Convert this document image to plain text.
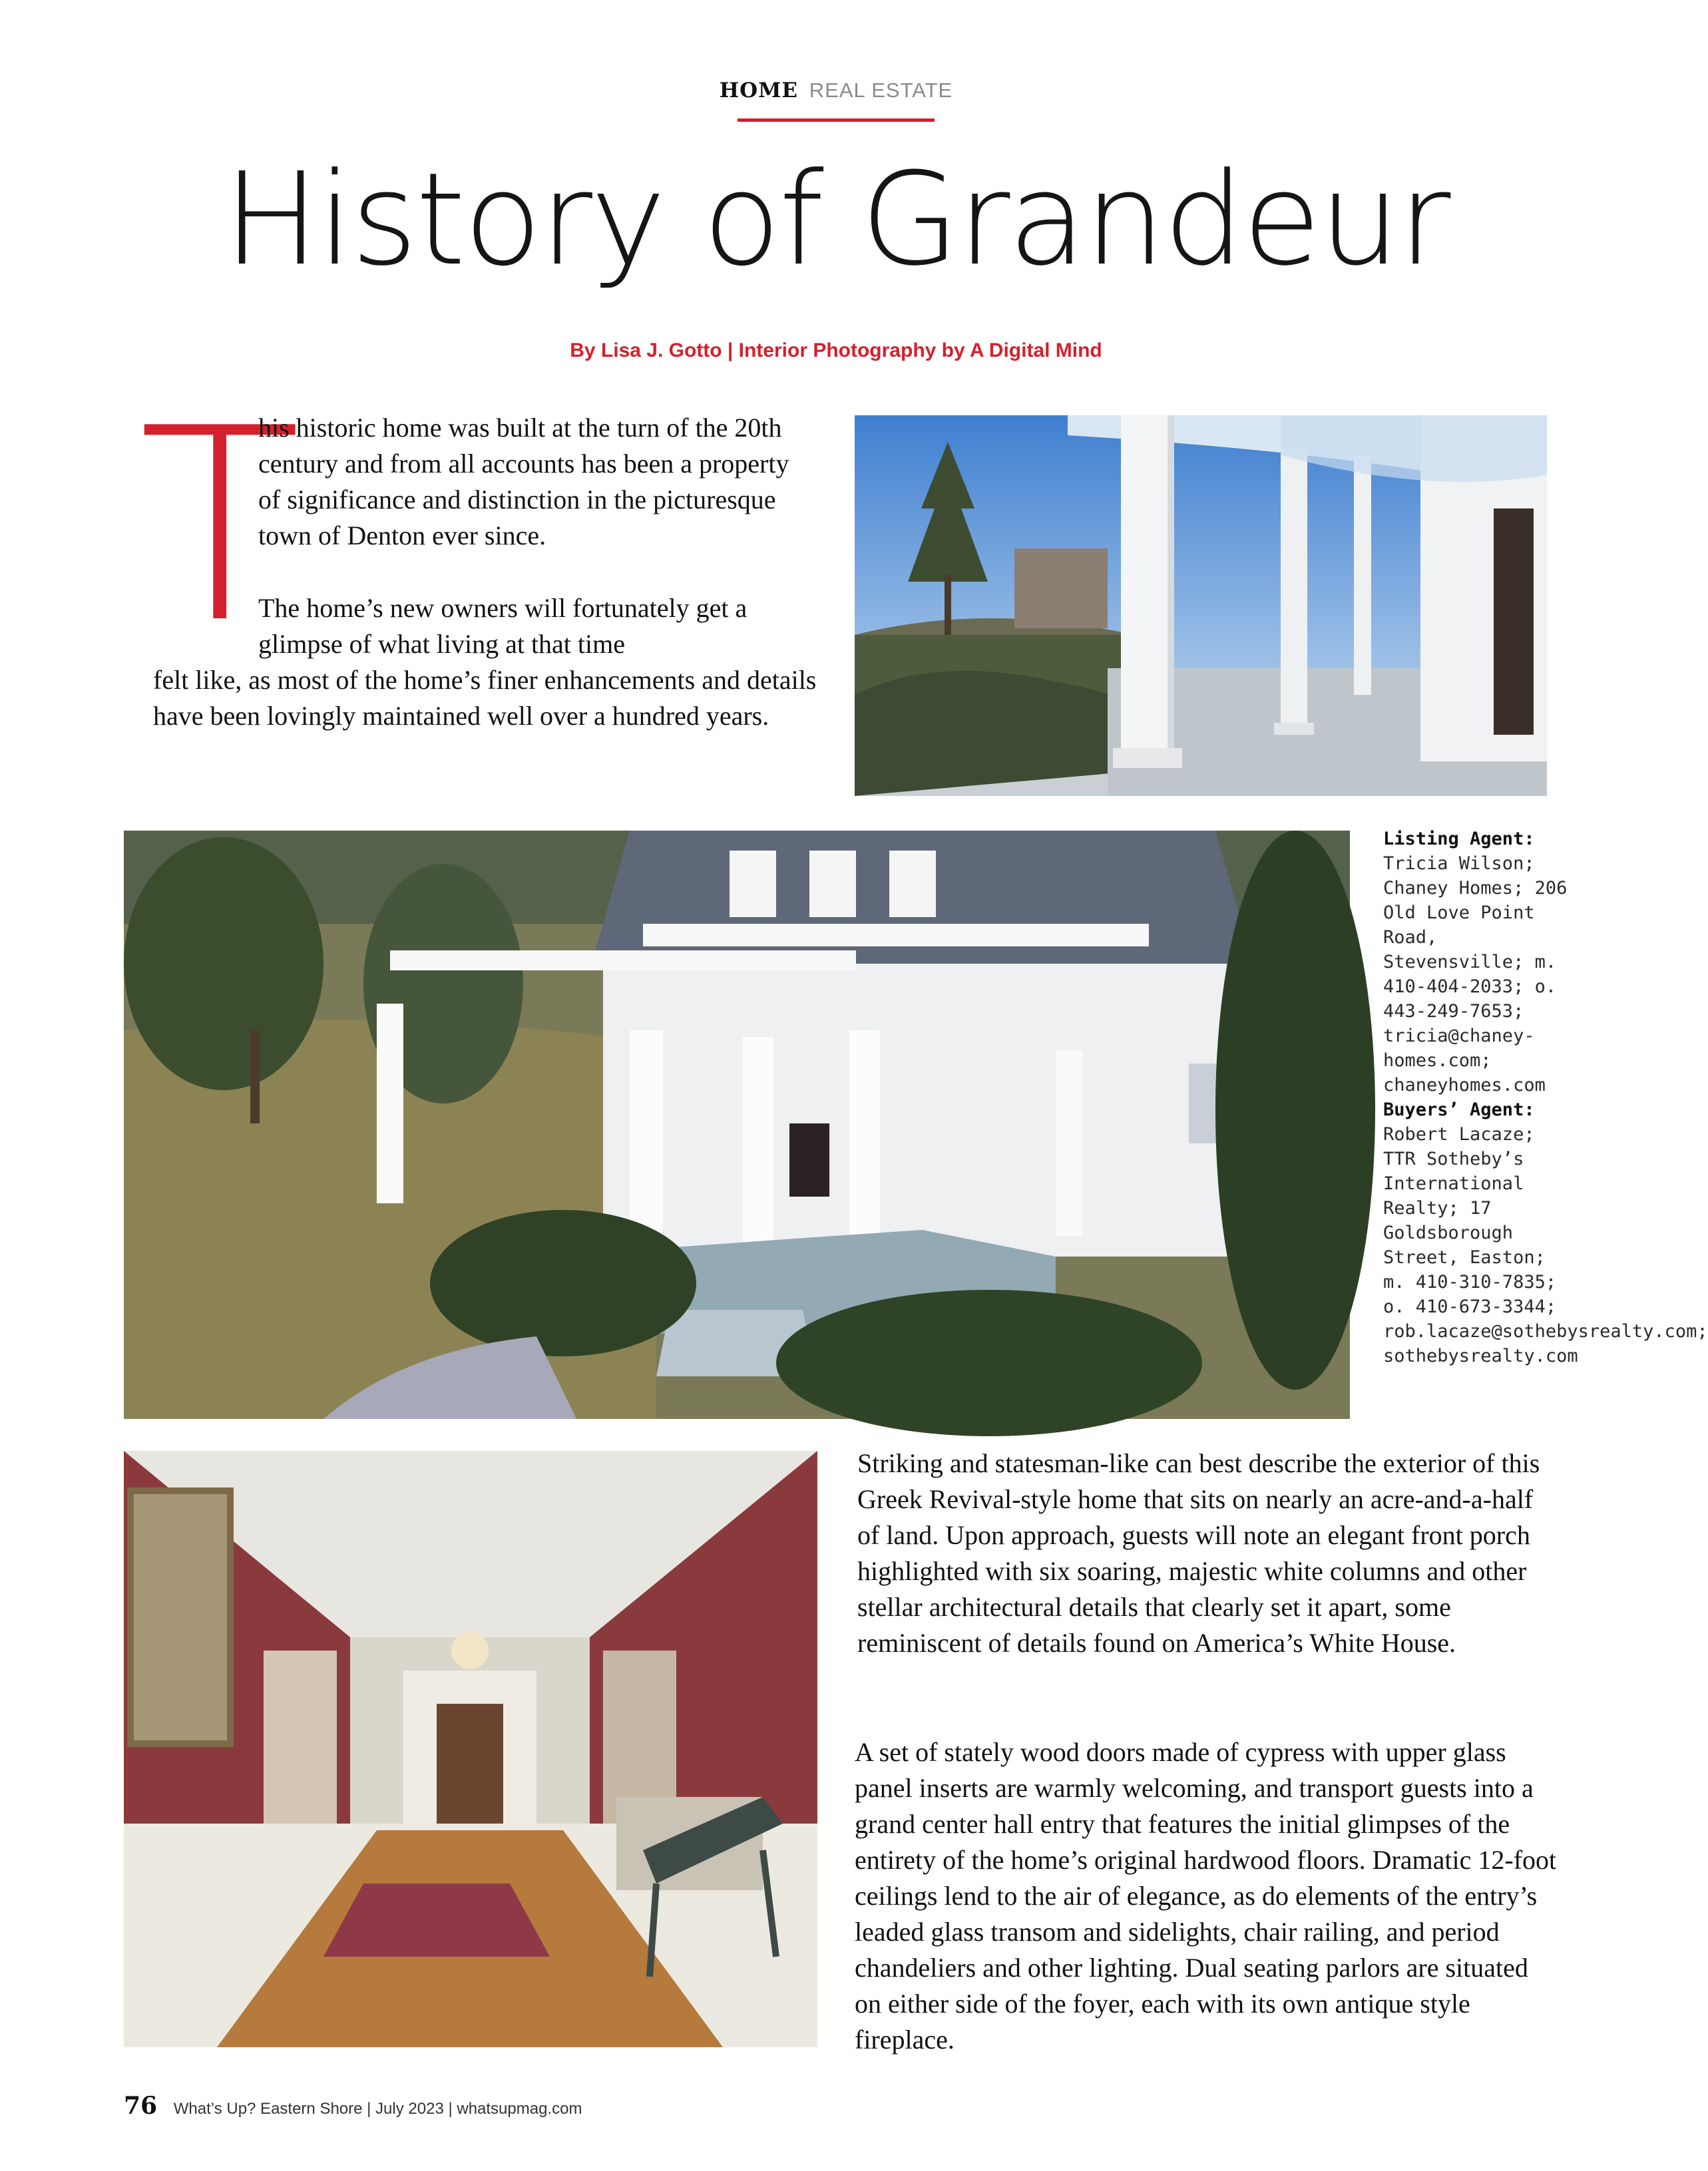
HOME REAL ESTATE
History of Grandeur
By Lisa J. Gotto | Interior Photography by A Digital Mind
T
his historic home was built at the turn of the 20th century and from all accounts has been a property of significance and distinction in the picturesque town of Denton ever since.
The home’s new owners will fortunately get a glimpse of what living at that time
felt like, as most of the home’s finer enhancements and details have been lovingly maintained well over a hundred years.
Listing Agent: Tricia Wilson; Chaney Homes; 206 Old Love Point Road, Stevensville; m. 410-404-2033; o. 443-249-7653; tricia@chaney-homes.com; chaneyhomes.com Buyers’ Agent: Robert Lacaze; TTR Sotheby’s International Realty; 17 Goldsborough Street, Easton; m. 410-310-7835; o. 410-673-3344; rob.lacaze@sothebysrealty.com; sothebysrealty.com
Striking and statesman-like can best describe the exterior of this Greek Revival-style home that sits on nearly an acre-and-a-half of land. Upon approach, guests will note an elegant front porch highlighted with six soaring, majestic white columns and other stellar architectural details that clearly set it apart, some reminiscent of details found on America’s White House.
A set of stately wood doors made of cypress with upper glass panel inserts are warmly welcoming, and transport guests into a grand center hall entry that features the initial glimpses of the entirety of the home’s original hardwood floors. Dramatic 12-foot ceilings lend to the air of elegance, as do elements of the entry’s leaded glass transom and sidelights, chair railing, and period chandeliers and other lighting. Dual seating parlors are situated on either side of the foyer, each with its own antique style fireplace.
76 What’s Up? Eastern Shore | July 2023 | whatsupmag.com
